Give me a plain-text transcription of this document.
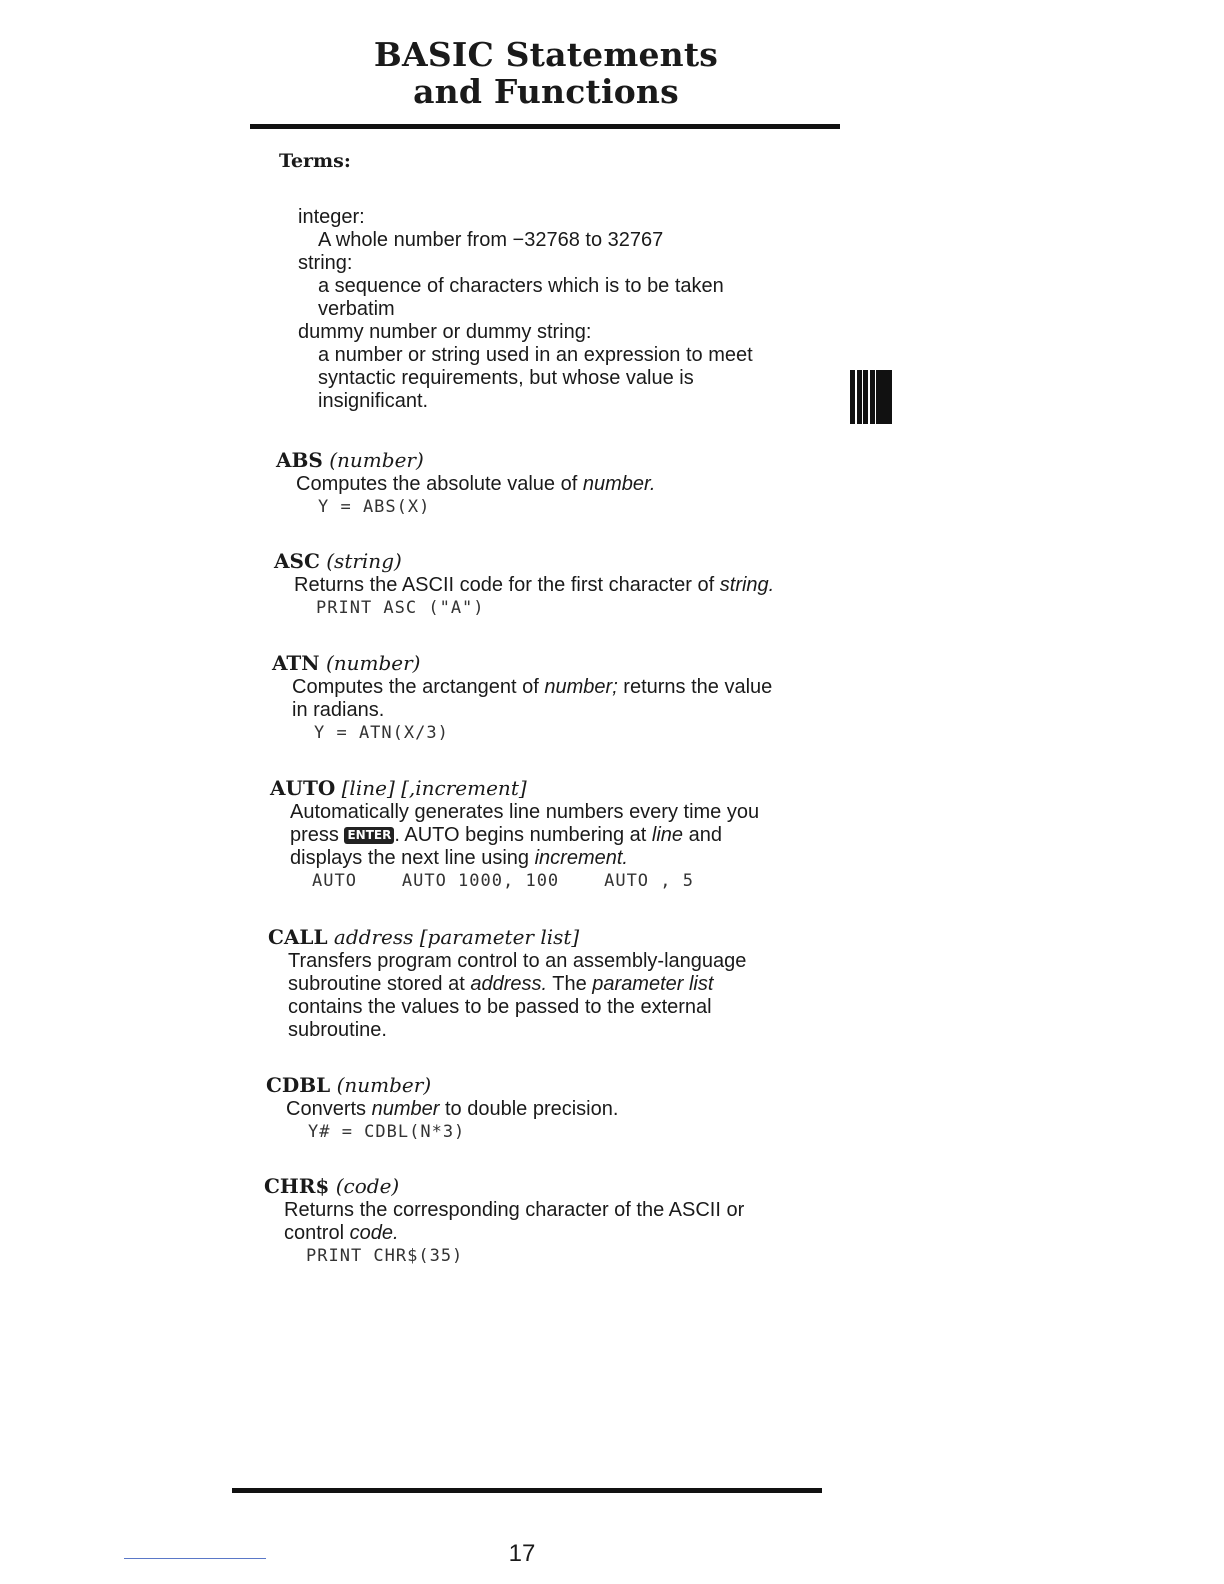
BASIC Statements
and Functions
Terms:
integer:
A whole number from −32768 to 32767
string:
a sequence of characters which is to be taken
verbatim
dummy number or dummy string:
a number or string used in an expression to meet
syntactic requirements, but whose value is
insignificant.
ABS (number)
Computes the absolute value of number.
Y = ABS(X)
ASC (string)
Returns the ASCII code for the first character of string.
PRINT ASC ("A")
ATN (number)
Computes the arctangent of number; returns the value
in radians.
Y = ATN(X/3)
AUTO [line] [,increment]
Automatically generates line numbers every time you
press ENTER . AUTO begins numbering at line and
displays the next line using increment.
AUTO    AUTO 1000, 100    AUTO , 5
CALL address [parameter list]
Transfers program control to an assembly-language
subroutine stored at address. The parameter list
contains the values to be passed to the external
subroutine.
CDBL (number)
Converts number to double precision.
Y# = CDBL(N*3)
CHR$ (code)
Returns the corresponding character of the ASCII or
control code.
PRINT CHR$(35)
17
